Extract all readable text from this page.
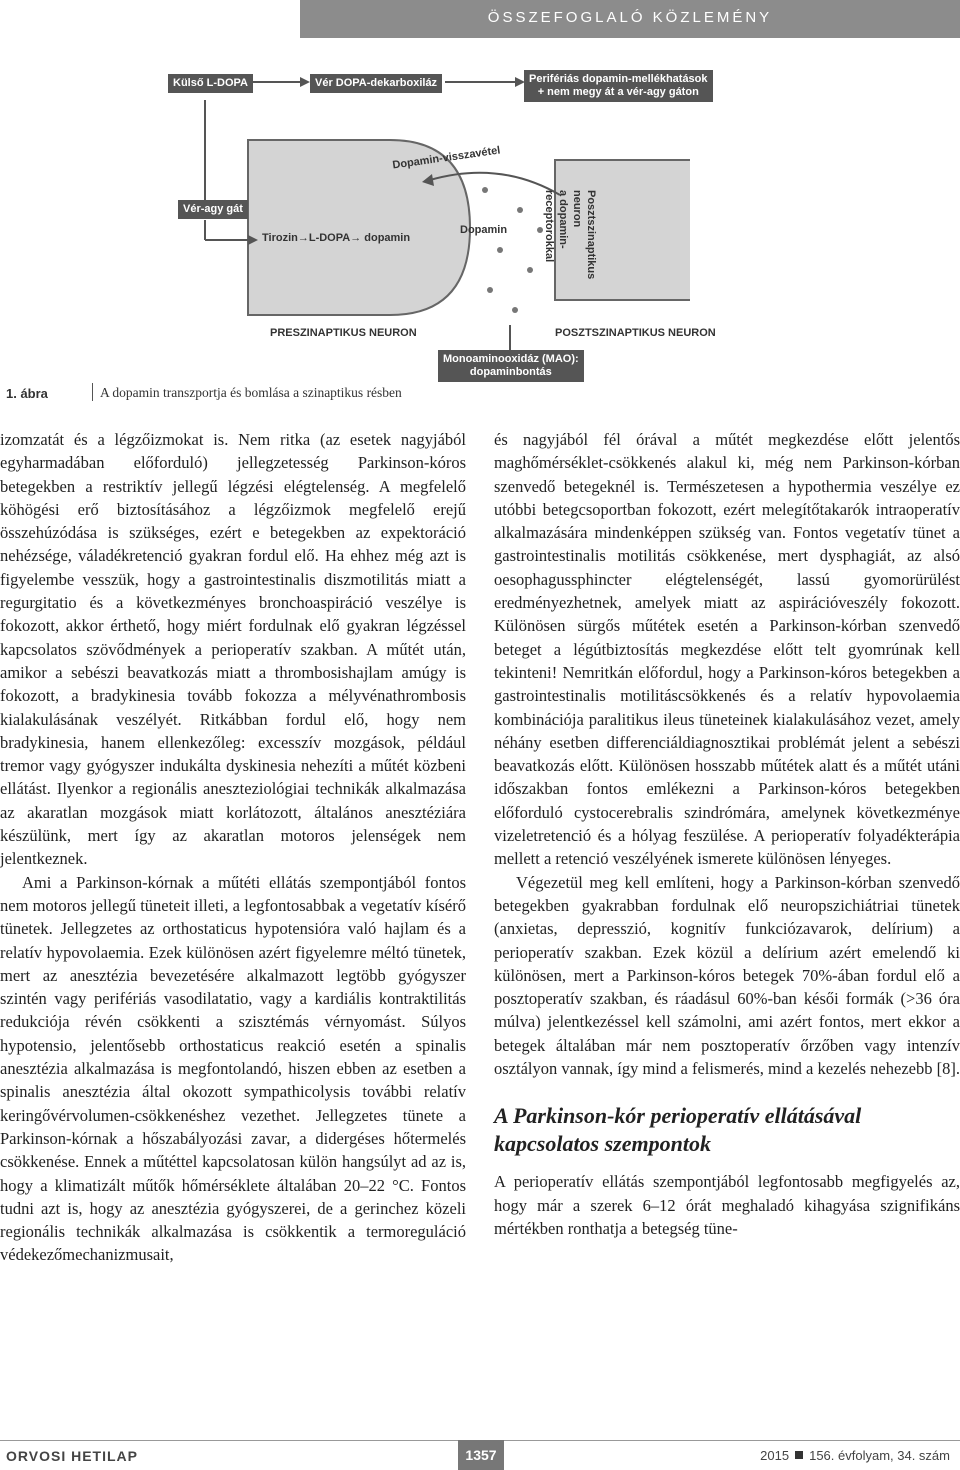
ÖSSZEFOGLALÓ KÖZLEMÉNY
Külső L-DOPA	Vér DOPA-dekarboxiláz	Perifériás dopamin-mellékhatások
+ nem megy át a vér-agy gáton
Vér-agy gát
Dopamin-visszavétel
Tirozin→L-DOPA→ dopamin
Dopamin
PRESZINAPTIKUS NEURON	POSZTSZINAPTIKUS NEURON
Posztszinaptikus
neuron
a dopamin-
receptorokkal
Monoaminooxidáz (MAO):
dopaminbontás
1. ábra	A dopamin transzportja és bomlása a szinaptikus résben

izomzatát és a légzőizmokat is. Nem ritka (az esetek nagyjából egyharmadában előforduló) jellegzetesség Parkinson-kóros betegekben a restriktív jellegű légzési elégtelenség. A megfelelő köhögési erő biztosításához a légzőizmok megfelelő erejű összehúzódása is szükséges, ezért e betegekben az expektoráció nehézsége, váladékretenció gyakran fordul elő. Ha ehhez még azt is figyelembe vesszük, hogy a gastrointestinalis diszmotilitás miatt a regurgitatio és a következményes bronchoaspiráció veszélye is fokozott, akkor érthető, hogy miért fordulnak elő gyakran légzéssel kapcsolatos szövődmények a perioperatív szakban. A műtét után, amikor a sebészi beavatkozás miatt a thrombosishajlam amúgy is fokozott, a bradykinesia tovább fokozza a mélyvénathrombosis kialakulásának veszélyét. Ritkábban fordul elő, hogy nem bradykinesia, hanem ellenkezőleg: excesszív mozgások, például tremor vagy gyógyszer indukálta dyskinesia nehezíti a műtét közbeni ellátást. Ilyenkor a regionális aneszteziológiai technikák alkalmazása az akaratlan mozgások miatt korlátozott, általános anesztéziára készülünk, mert így az akaratlan motoros jelenségek nem jelentkeznek.

Ami a Parkinson-kórnak a műtéti ellátás szempontjából fontos nem motoros jellegű tüneteit illeti, a legfontosabbak a vegetatív kísérő tünetek. Jellegzetes az orthostaticus hypotensióra való hajlam és a relatív hypovolaemia. Ezek különösen azért figyelemre méltó tünetek, mert az anesztézia bevezetésére alkalmazott legtöbb gyógyszer szintén vagy perifériás vasodilatatio, vagy a kardiális kontraktilitás redukciója révén csökkenti a szisztémás vérnyomást. Súlyos hypotensio, jelentősebb orthostaticus reakció esetén a spinalis anesztézia alkalmazása is megfontolandó, hiszen ebben az esetben a spinalis anesztézia által okozott sympathicolysis további relatív keringővérvolumen-csökkenéshez vezethet. Jellegzetes tünete a Parkinson-kórnak a hőszabályozási zavar, a didergéses hőtermelés csökkenése. Ennek a műtéttel kapcsolatosan külön hangsúlyt ad az is, hogy a klimatizált műtők hőmérséklete általában 20–22 °C. Fontos tudni azt is, hogy az anesztézia gyógyszerei, de a gerinchez közeli regionális technikák alkalmazása is csökkentik a termoreguláció védekezőmechanizmusait,

és nagyjából fél órával a műtét megkezdése előtt jelentős maghőmérséklet-csökkenés alakul ki, még nem Parkinson-kórban szenvedő betegeknél is. Természetesen a hypothermia veszélye ez utóbbi betegcsoportban fokozott, ezért melegítőtakarók intraoperatív alkalmazására mindenképpen szükség van. Fontos vegetatív tünet a gastrointestinalis motilitás csökkenése, mert dysphagiát, az alsó oesophagussphincter elégtelenségét, lassú gyomorürülést eredményezhetnek, amelyek miatt az aspirációveszély fokozott. Különösen sürgős műtétek esetén a Parkinson-kórban szenvedő beteget a légútbiztosítás megkezdése előtt telt gyomrúnak kell tekinteni! Nemritkán előfordul, hogy a Parkinson-kóros betegekben a gastrointestinalis motilitáscsökkenés és a relatív hypovolaemia kombinációja paralitikus ileus tüneteinek kialakulásához vezet, amely néhány esetben differenciáldiagnosztikai problémát jelent a sebészi beavatkozás előtt. Különösen hosszabb műtétek alatt és a műtét utáni időszakban fontos emlékezni a Parkinson-kóros betegekben előforduló cystocerebralis szindrómára, amelynek következménye vizeletretenció és a hólyag feszülése. A perioperatív folyadékterápia mellett a retenció veszélyének ismerete különösen lényeges.

Végezetül meg kell említeni, hogy a Parkinson-kórban szenvedő betegekben gyakrabban fordulnak elő neuropszichiátriai tünetek (anxietas, depresszió, kognitív funkciózavarok, delírium) a perioperatív szakban. Ezek közül a delírium azért emelendő ki különösen, mert a Parkinson-kóros betegek 70%-ában fordul elő a posztoperatív szakban, és ráadásul 60%-ban késői formák (>36 óra múlva) jelentkezéssel kell számolni, ami azért fontos, mert ekkor a betegek általában már nem posztoperatív őrzőben vagy intenzív osztályon vannak, így mind a felismerés, mind a kezelés nehezebb [8].

A Parkinson-kór perioperatív ellátásával kapcsolatos szempontok

A perioperatív ellátás szempontjából legfontosabb megfigyelés az, hogy már a szerek 6–12 órát meghaladó kihagyása szignifikáns mértékben ronthatja a betegség tüne-

ORVOSI HETILAP	1357	2015 156. évfolyam, 34. szám
